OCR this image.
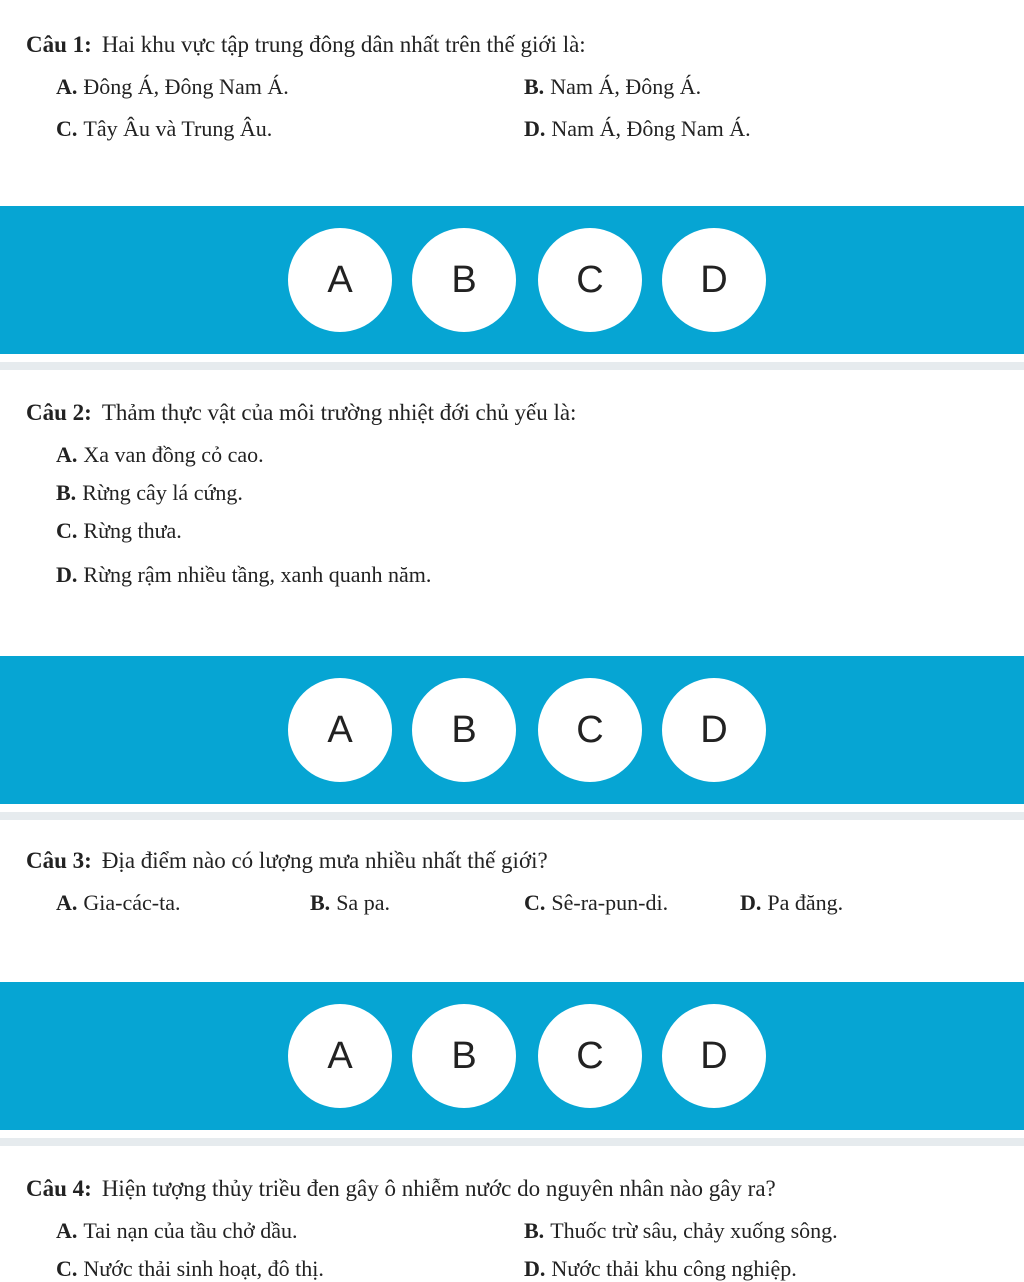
Câu 1: Hai khu vực tập trung đông dân nhất trên thế giới là:
A. Đông Á, Đông Nam Á.	B. Nam Á, Đông Á.
C. Tây Âu và Trung Âu.	D. Nam Á, Đông Nam Á.
A	B	C	D
Câu 2: Thảm thực vật của môi trường nhiệt đới chủ yếu là:
A. Xa van đồng cỏ cao.
B. Rừng cây lá cứng.
C. Rừng thưa.
D. Rừng rậm nhiều tầng, xanh quanh năm.
A	B	C	D
Câu 3: Địa điểm nào có lượng mưa nhiều nhất thế giới?
A. Gia-các-ta.	B. Sa pa.	C. Sê-ra-pun-di.	D. Pa đăng.
A	B	C	D
Câu 4: Hiện tượng thủy triều đen gây ô nhiễm nước do nguyên nhân nào gây ra?
A. Tai nạn của tầu chở dầu.	B. Thuốc trừ sâu, chảy xuống sông.
C. Nước thải sinh hoạt, đô thị.	D. Nước thải khu công nghiệp.
